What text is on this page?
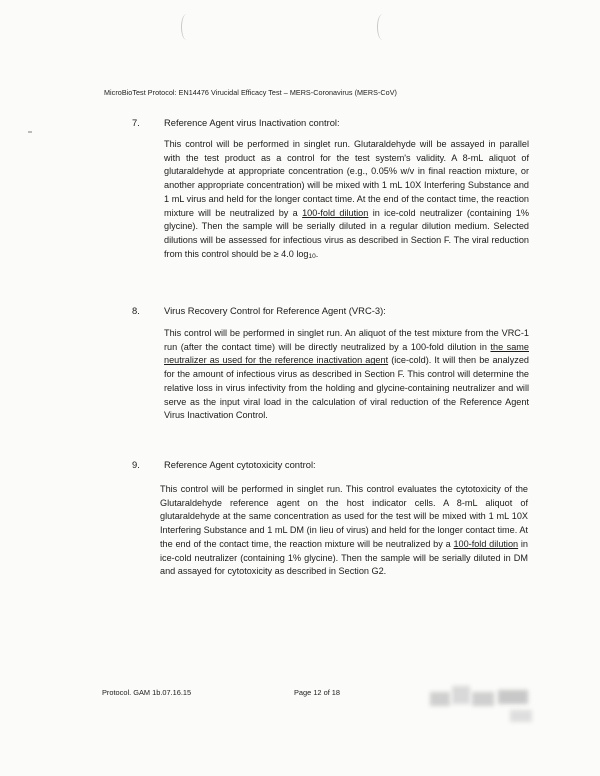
MicroBioTest Protocol: EN14476 Virucidal Efficacy Test – MERS-Coronavirus (MERS-CoV)
7.	Reference Agent virus Inactivation control:

This control will be performed in singlet run. Glutaraldehyde will be assayed in parallel with the test product as a control for the test system's validity. A 8-mL aliquot of glutaraldehyde at appropriate concentration (e.g., 0.05% w/v in final reaction mixture, or another appropriate concentration) will be mixed with 1 mL 10X Interfering Substance and 1 mL virus and held for the longer contact time. At the end of the contact time, the reaction mixture will be neutralized by a 100-fold dilution in ice-cold neutralizer (containing 1% glycine). Then the sample will be serially diluted in a regular dilution medium. Selected dilutions will be assessed for infectious virus as described in Section F. The viral reduction from this control should be ≥ 4.0 log10.

8.	Virus Recovery Control for Reference Agent (VRC-3):

This control will be performed in singlet run. An aliquot of the test mixture from the VRC-1 run (after the contact time) will be directly neutralized by a 100-fold dilution in the same neutralizer as used for the reference inactivation agent (ice-cold). It will then be analyzed for the amount of infectious virus as described in Section F. This control will determine the relative loss in virus infectivity from the holding and glycine-containing neutralizer and will serve as the input viral load in the calculation of viral reduction of the Reference Agent Virus Inactivation Control.

9.	Reference Agent cytotoxicity control:

This control will be performed in singlet run. This control evaluates the cytotoxicity of the Glutaraldehyde reference agent on the host indicator cells. A 8-mL aliquot of glutaraldehyde at the same concentration as used for the test will be mixed with 1 mL 10X Interfering Substance and 1 mL DM (in lieu of virus) and held for the longer contact time. At the end of the contact time, the reaction mixture will be neutralized by a 100-fold dilution in ice-cold neutralizer (containing 1% glycine). Then the sample will be serially diluted in DM and assayed for cytotoxicity as described in Section G2.

Protocol. GAM 1b.07.16.15	Page 12 of 18
